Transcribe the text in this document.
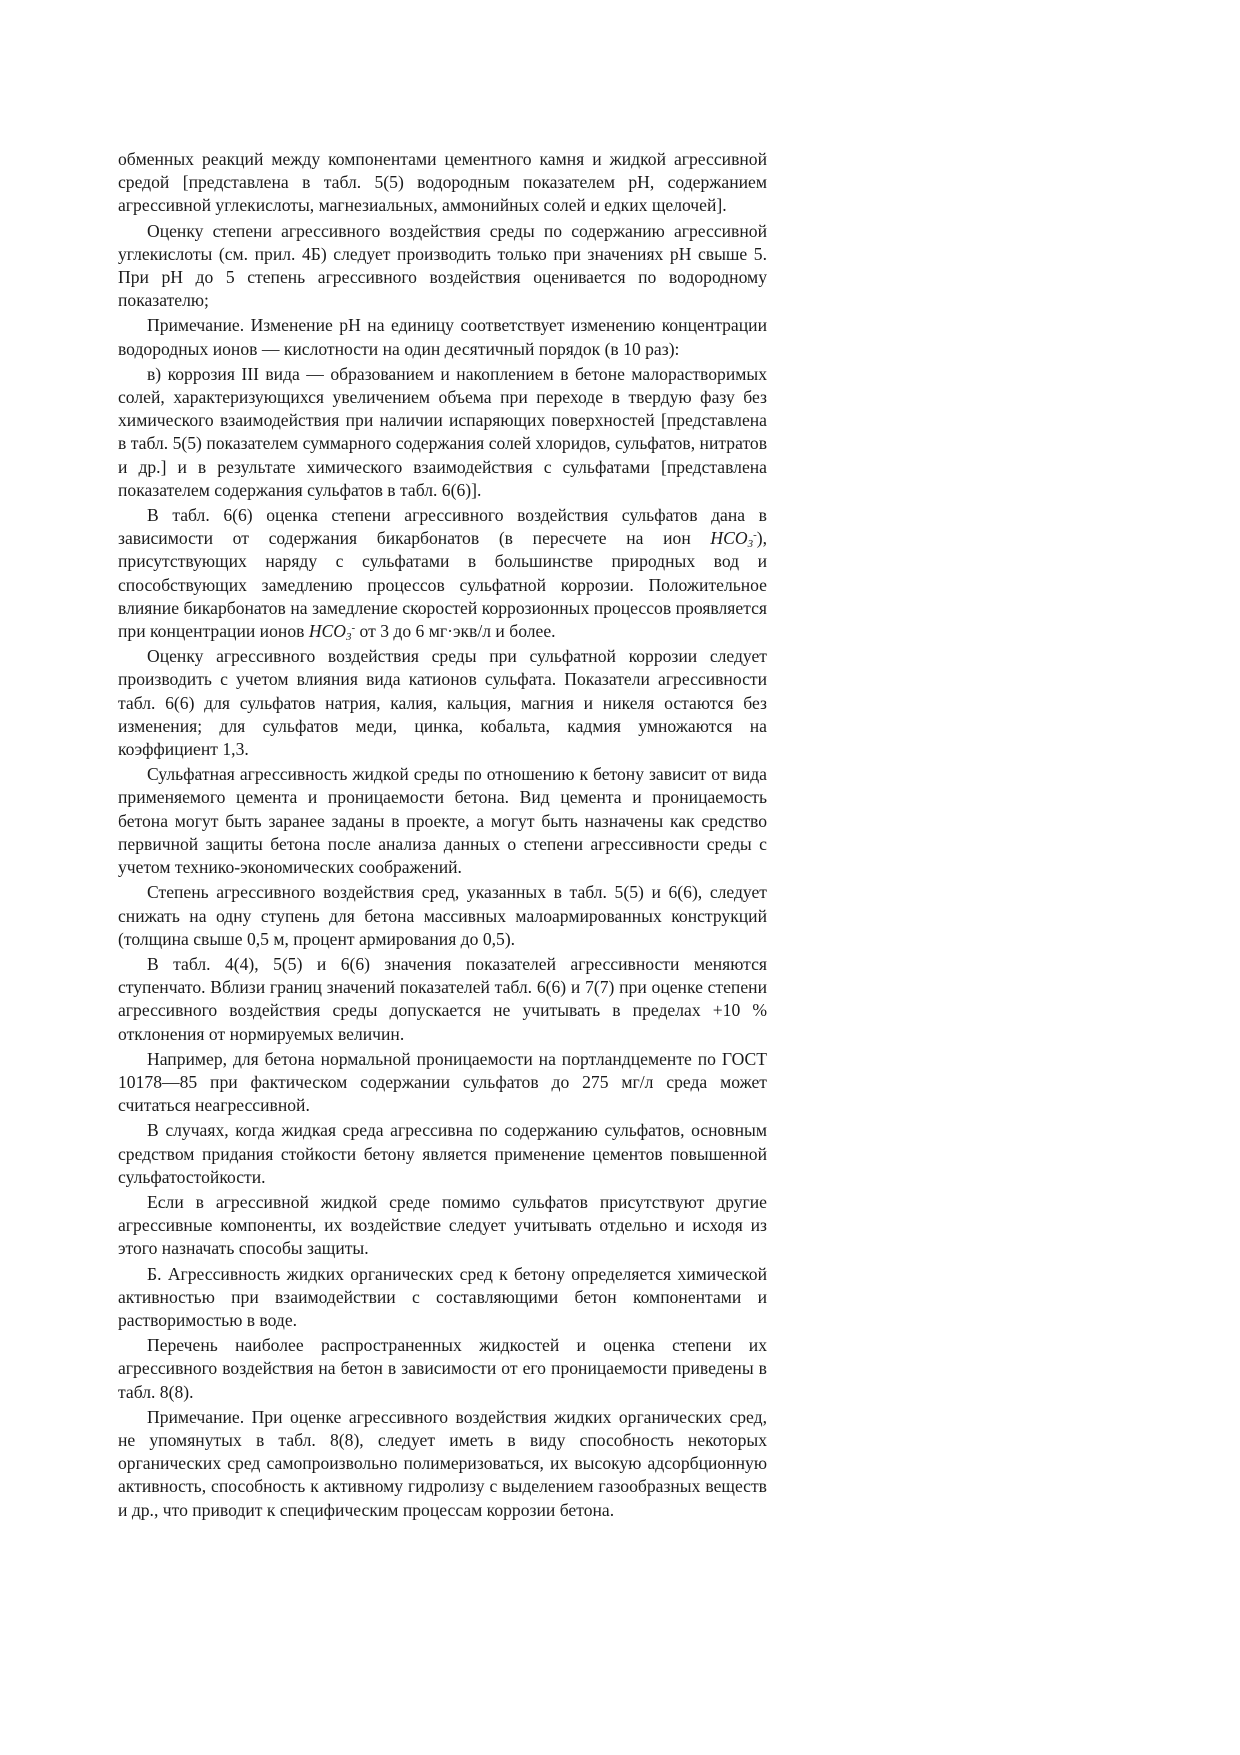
обменных реакций между компонентами цементного камня и жидкой агрессивной средой [представлена в табл. 5(5) водородным показателем pH, содержанием агрессивной углекислоты, магнезиальных, аммонийных солей и едких щелочей].

Оценку степени агрессивного воздействия среды по содержанию агрессивной углекислоты (см. прил. 4Б) следует производить только при значениях pH свыше 5. При pH до 5 степень агрессивного воздействия оценивается по водородному показателю;

Примечание. Изменение pH на единицу соответствует изменению концентрации водородных ионов — кислотности на один десятичный порядок (в 10 раз):

в) коррозия III вида — образованием и накоплением в бетоне малорастворимых солей, характеризующихся увеличением объема при переходе в твердую фазу без химического взаимодействия при наличии испаряющих поверхностей [представлена в табл. 5(5) показателем суммарного содержания солей хлоридов, сульфатов, нитратов и др.] и в результате химического взаимодействия с сульфатами [представлена показателем содержания сульфатов в табл. 6(6)].

В табл. 6(6) оценка степени агрессивного воздействия сульфатов дана в зависимости от содержания бикарбонатов (в пересчете на ион $HCO_3^-$), присутствующих наряду с сульфатами в большинстве природных вод и способствующих замедлению процессов сульфатной коррозии. Положительное влияние бикарбонатов на замедление скоростей коррозионных процессов проявляется при концентрации ионов $HCO_3^-$ от 3 до 6 мг·экв/л и более.

Оценку агрессивного воздействия среды при сульфатной коррозии следует производить с учетом влияния вида катионов сульфата. Показатели агрессивности табл. 6(6) для сульфатов натрия, калия, кальция, магния и никеля остаются без изменения; для сульфатов меди, цинка, кобальта, кадмия умножаются на коэффициент 1,3.

Сульфатная агрессивность жидкой среды по отношению к бетону зависит от вида применяемого цемента и проницаемости бетона. Вид цемента и проницаемость бетона могут быть заранее заданы в проекте, а могут быть назначены как средство первичной защиты бетона после анализа данных о степени агрессивности среды с учетом технико-экономических соображений.

Степень агрессивного воздействия сред, указанных в табл. 5(5) и 6(6), следует снижать на одну ступень для бетона массивных малоармированных конструкций (толщина свыше 0,5 м, процент армирования до 0,5).

В табл. 4(4), 5(5) и 6(6) значения показателей агрессивности меняются ступенчато. Вблизи границ значений показателей табл. 6(6) и 7(7) при оценке степени агрессивного воздействия среды допускается не учитывать в пределах +10 % отклонения от нормируемых величин.

Например, для бетона нормальной проницаемости на портландцементе по ГОСТ 10178—85 при фактическом содержании сульфатов до 275 мг/л среда может считаться неагрессивной.

В случаях, когда жидкая среда агрессивна по содержанию сульфатов, основным средством придания стойкости бетону является применение цементов повышенной сульфатостойкости.

Если в агрессивной жидкой среде помимо сульфатов присутствуют другие агрессивные компоненты, их воздействие следует учитывать отдельно и исходя из этого назначать способы защиты.

Б. Агрессивность жидких органических сред к бетону определяется химической активностью при взаимодействии с составляющими бетон компонентами и растворимостью в воде.

Перечень наиболее распространенных жидкостей и оценка степени их агрессивного воздействия на бетон в зависимости от его проницаемости приведены в табл. 8(8).

Примечание. При оценке агрессивного воздействия жидких органических сред, не упомянутых в табл. 8(8), следует иметь в виду способность некоторых органических сред самопроизвольно полимеризоваться, их высокую адсорбционную активность, способность к активному гидролизу с выделением газообразных веществ и др., что приводит к специфическим процессам коррозии бетона.
